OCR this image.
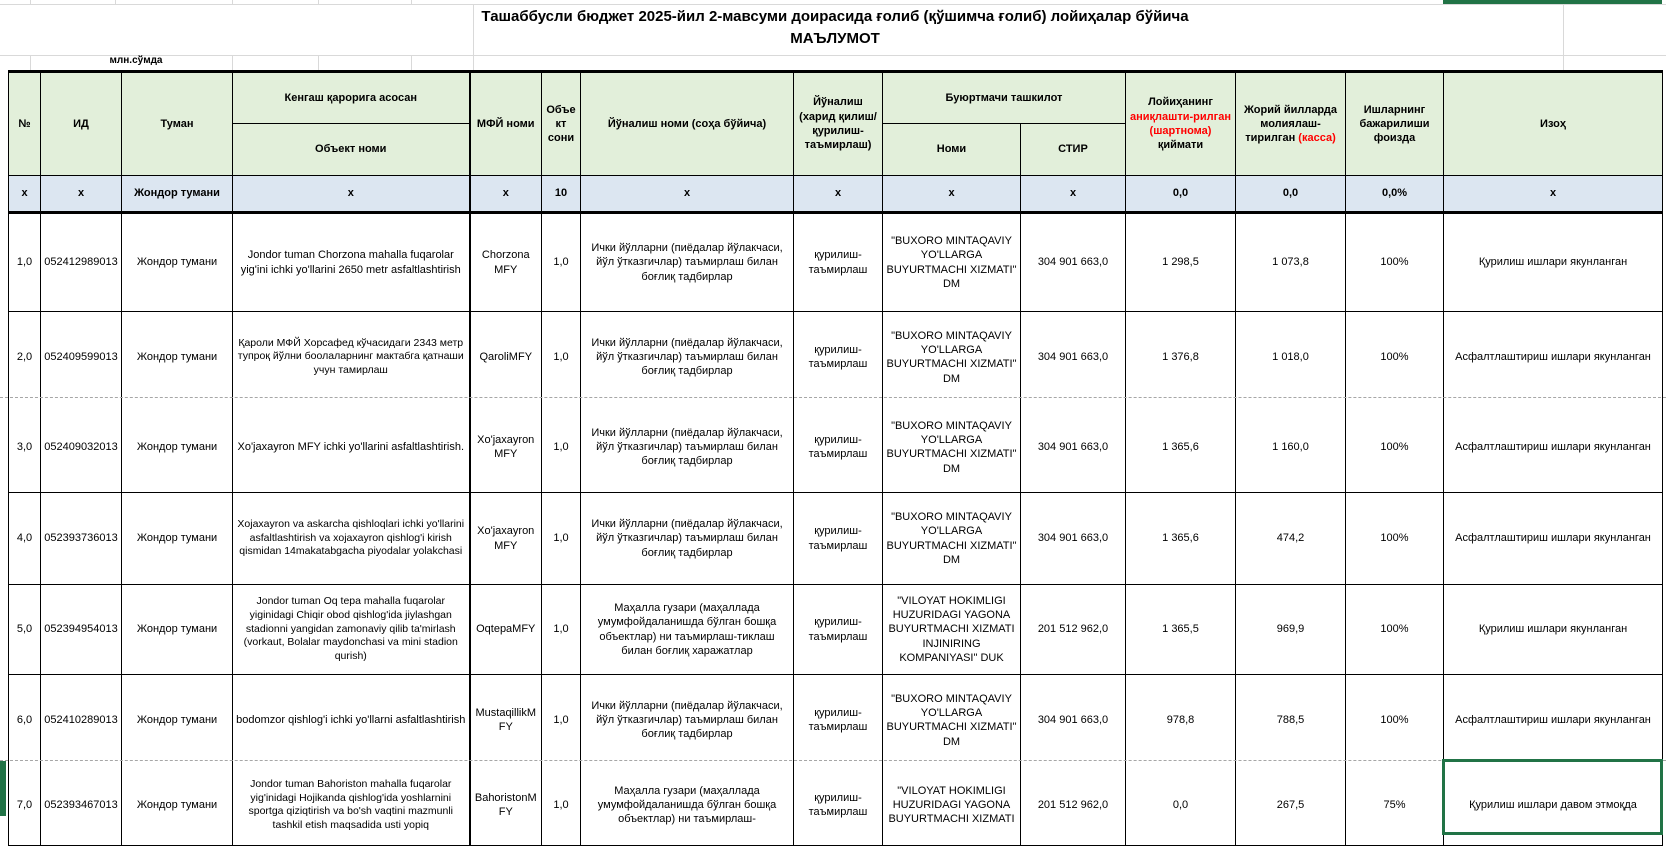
Ташаббусли бюджет 2025-йил 2-мавсуми доирасида ғолиб (қўшимча ғолиб) лойиҳалар бўйича
МАЪЛУМОТ
млн.сўмда
№	ИД	Туман	Кенгаш қарорига асосан
Объект номи	МФЙ номи	Объект сони	Йўналиш номи (соҳа бўйича)	Йўналиш (харид қилиш/қурилиш-таъмирлаш)	Буюртмачи ташкилот		Лойиҳанинг аниқлашти-рилган (шартнома) қиймати	Жорий йилларда молиялаш-тирилган (касса)	Ишларнинг бажарилиши фоизда	Изоҳ
								Номи	СТИР				
x	x	Жондор тумани	x	x	10	x	x	x	x	0,0	0,0	0,0%	x
1,0	052412989013	Жондор тумани	Jondor tuman Chorzona mahalla fuqarolar yig'ini ichki yo'llarini 2650 metr asfaltlashtirish	Chorzona MFY	1,0	Ички йўлларни (пиёдалар йўлакчаси, йўл ўтказгичлар) таъмирлаш билан боғлиқ тадбирлар	қурилиш-таъмирлаш	"BUXORO MINTAQAVIY YO'LLARGA BUYURTMACHI XIZMATI" DM	304 901 663,0	1 298,5	1 073,8	100%	Қурилиш ишлари якунланган
2,0	052409599013	Жондор тумани	Қароли МФЙ Хорсафед кўчасидаги 2343 метр тупроқ йўлни боолаларнинг мактабга қатнаши учун тамирлаш	QaroliMFY	1,0	Ички йўлларни (пиёдалар йўлакчаси, йўл ўтказгичлар) таъмирлаш билан боғлиқ тадбирлар	қурилиш-таъмирлаш	"BUXORO MINTAQAVIY YO'LLARGA BUYURTMACHI XIZMATI" DM	304 901 663,0	1 376,8	1 018,0	100%	Асфалтлаштириш ишлари якунланган
3,0	052409032013	Жондор тумани	Xo'jaxayron MFY ichki yo'llarini asfaltlashtirish.	Xo'jaxayronMFY	1,0	Ички йўлларни (пиёдалар йўлакчаси, йўл ўтказгичлар) таъмирлаш билан боғлиқ тадбирлар	қурилиш-таъмирлаш	"BUXORO MINTAQAVIY YO'LLARGA BUYURTMACHI XIZMATI" DM	304 901 663,0	1 365,6	1 160,0	100%	Асфалтлаштириш ишлари якунланган
4,0	052393736013	Жондор тумани	Xojaxayron va askarcha qishloqlari ichki yo'llarini asfaltlashtirish va xojaxayron qishlog'i kirish qismidan 14makatabgacha piyodalar yolakchasi	Xo'jaxayronMFY	1,0	Ички йўлларни (пиёдалар йўлакчаси, йўл ўтказгичлар) таъмирлаш билан боғлиқ тадбирлар	қурилиш-таъмирлаш	"BUXORO MINTAQAVIY YO'LLARGA BUYURTMACHI XIZMATI" DM	304 901 663,0	1 365,6	474,2	100%	Асфалтлаштириш ишлари якунланган
5,0	052394954013	Жондор тумани	Jondor tuman Oq tepa mahalla fuqarolar yiginidagi Chiqir obod qishlog'ida jiylashgan stadionni yangidan zamonaviy qilib ta'mirlash (vorkaut, Bolalar maydonchasi va mini stadion qurish)	OqtepaMFY	1,0	Маҳалла гузари (маҳаллада умумфойдаланишда бўлган бошқа объектлар) ни таъмирлаш-тиклаш билан боғлиқ харажатлар	қурилиш-таъмирлаш	"VILOYAT HOKIMLIGI HUZURIDAGI YAGONA BUYURTMACHI XIZMATI INJINIRING KOMPANIYASI" DUK	201 512 962,0	1 365,5	969,9	100%	Қурилиш ишлари якунланган
6,0	052410289013	Жондор тумани	bodomzor qishlog'i ichki yo'llarni asfaltlashtirish	MustaqillikMFY	1,0	Ички йўлларни (пиёдалар йўлакчаси, йўл ўтказгичлар) таъмирлаш билан боғлиқ тадбирлар	қурилиш-таъмирлаш	"BUXORO MINTAQAVIY YO'LLARGA BUYURTMACHI XIZMATI" DM	304 901 663,0	978,8	788,5	100%	Асфалтлаштириш ишлари якунланган
7,0	052393467013	Жондор тумани	Jondor tuman Bahoriston mahalla fuqarolar yig'inidagi Hojikanda qishlog'ida yoshlarnini sportga qiziqtirish va bo'sh vaqtini mazmunli tashkil etish maqsadida usti yopiq	BahoristonMFY	1,0	Маҳалла гузари (маҳаллада умумфойдаланишда бўлган бошқа объектлар) ни таъмирлаш-	қурилиш-таъмирлаш	"VILOYAT HOKIMLIGI HUZURIDAGI YAGONA BUYURTMACHI XIZMATI	201 512 962,0	0,0	267,5	75%	Қурилиш ишлари давом этмоқда
